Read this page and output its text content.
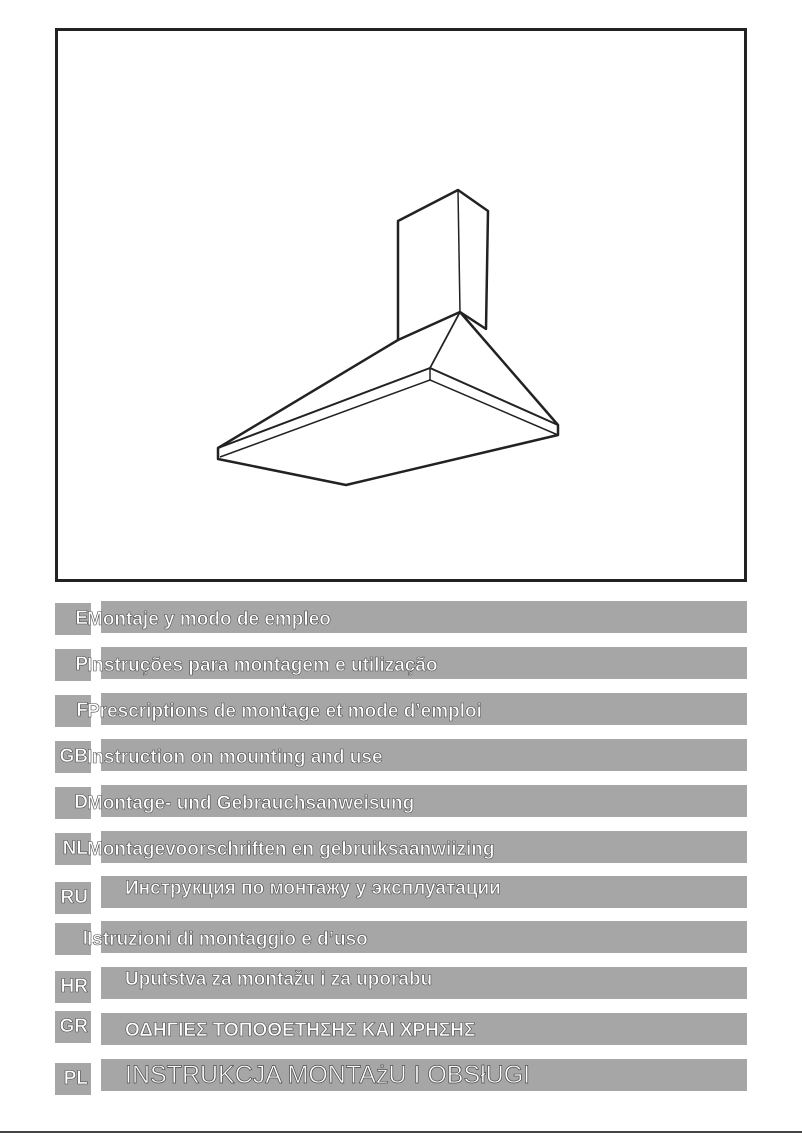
E Montaje y modo de empleo
P Instruções para montagem e utilização
F Prescriptions de montage et mode d’emploi
GB Instruction on mounting and use
D Montage- und Gebrauchsanweisung
NL Montagevoorschriften en gebruiksaanwiizing
RU Инструкция по монтажу у эксплуатации
I Istruzioni di montaggio e d’uso
HR Uputstva za montažu i za uporabu
GR ΟΔΗΓΙΕΣ ΤΟΠΟΘΕΤΗΣΗΣ ΚΑΙ ΧΡΗΣΗΣ
PL INSTRUKCJA MONTAżU I OBSłUGI
